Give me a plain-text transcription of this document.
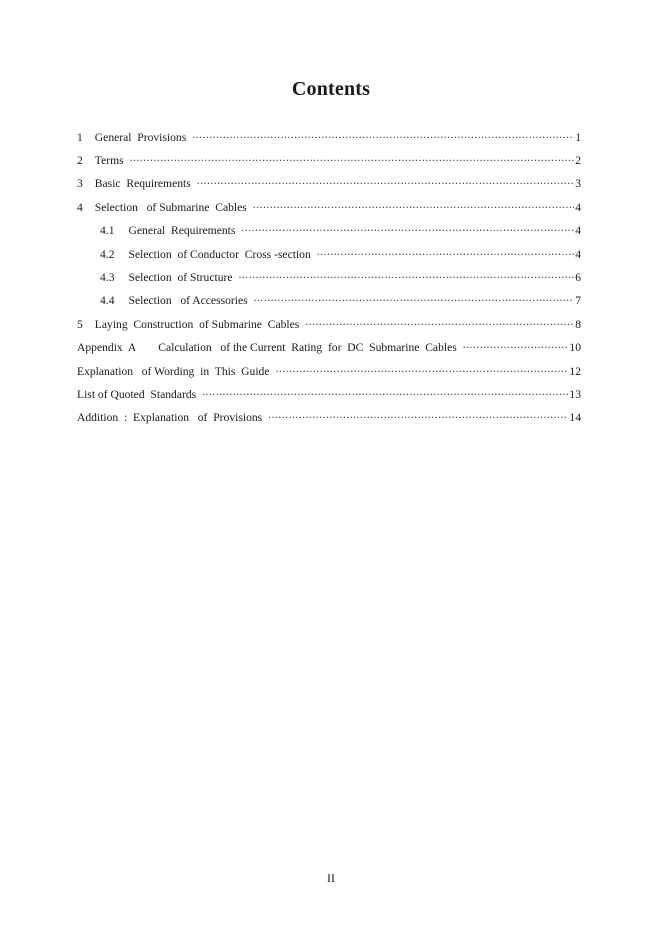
Contents
1	General  Provisions .....	1
2	Terms .....	2
3	Basic  Requirements .....	3
4	Selection   of Submarine  Cables .....	4
4.1	General  Requirements .....	4
4.2	Selection  of Conductor  Cross -section .....	4
4.3	Selection  of Structure .....	6
4.4	Selection   of Accessories .....	7
5	Laying  Construction  of Submarine  Cables .....	8
Appendix  A	Calculation   of the Current  Rating  for  DC  Submarine  Cables .....	10
Explanation   of Wording  in  This  Guide .....	12
List of Quoted  Standards .....	13
Addition  :  Explanation   of  Provisions .....	14
II
